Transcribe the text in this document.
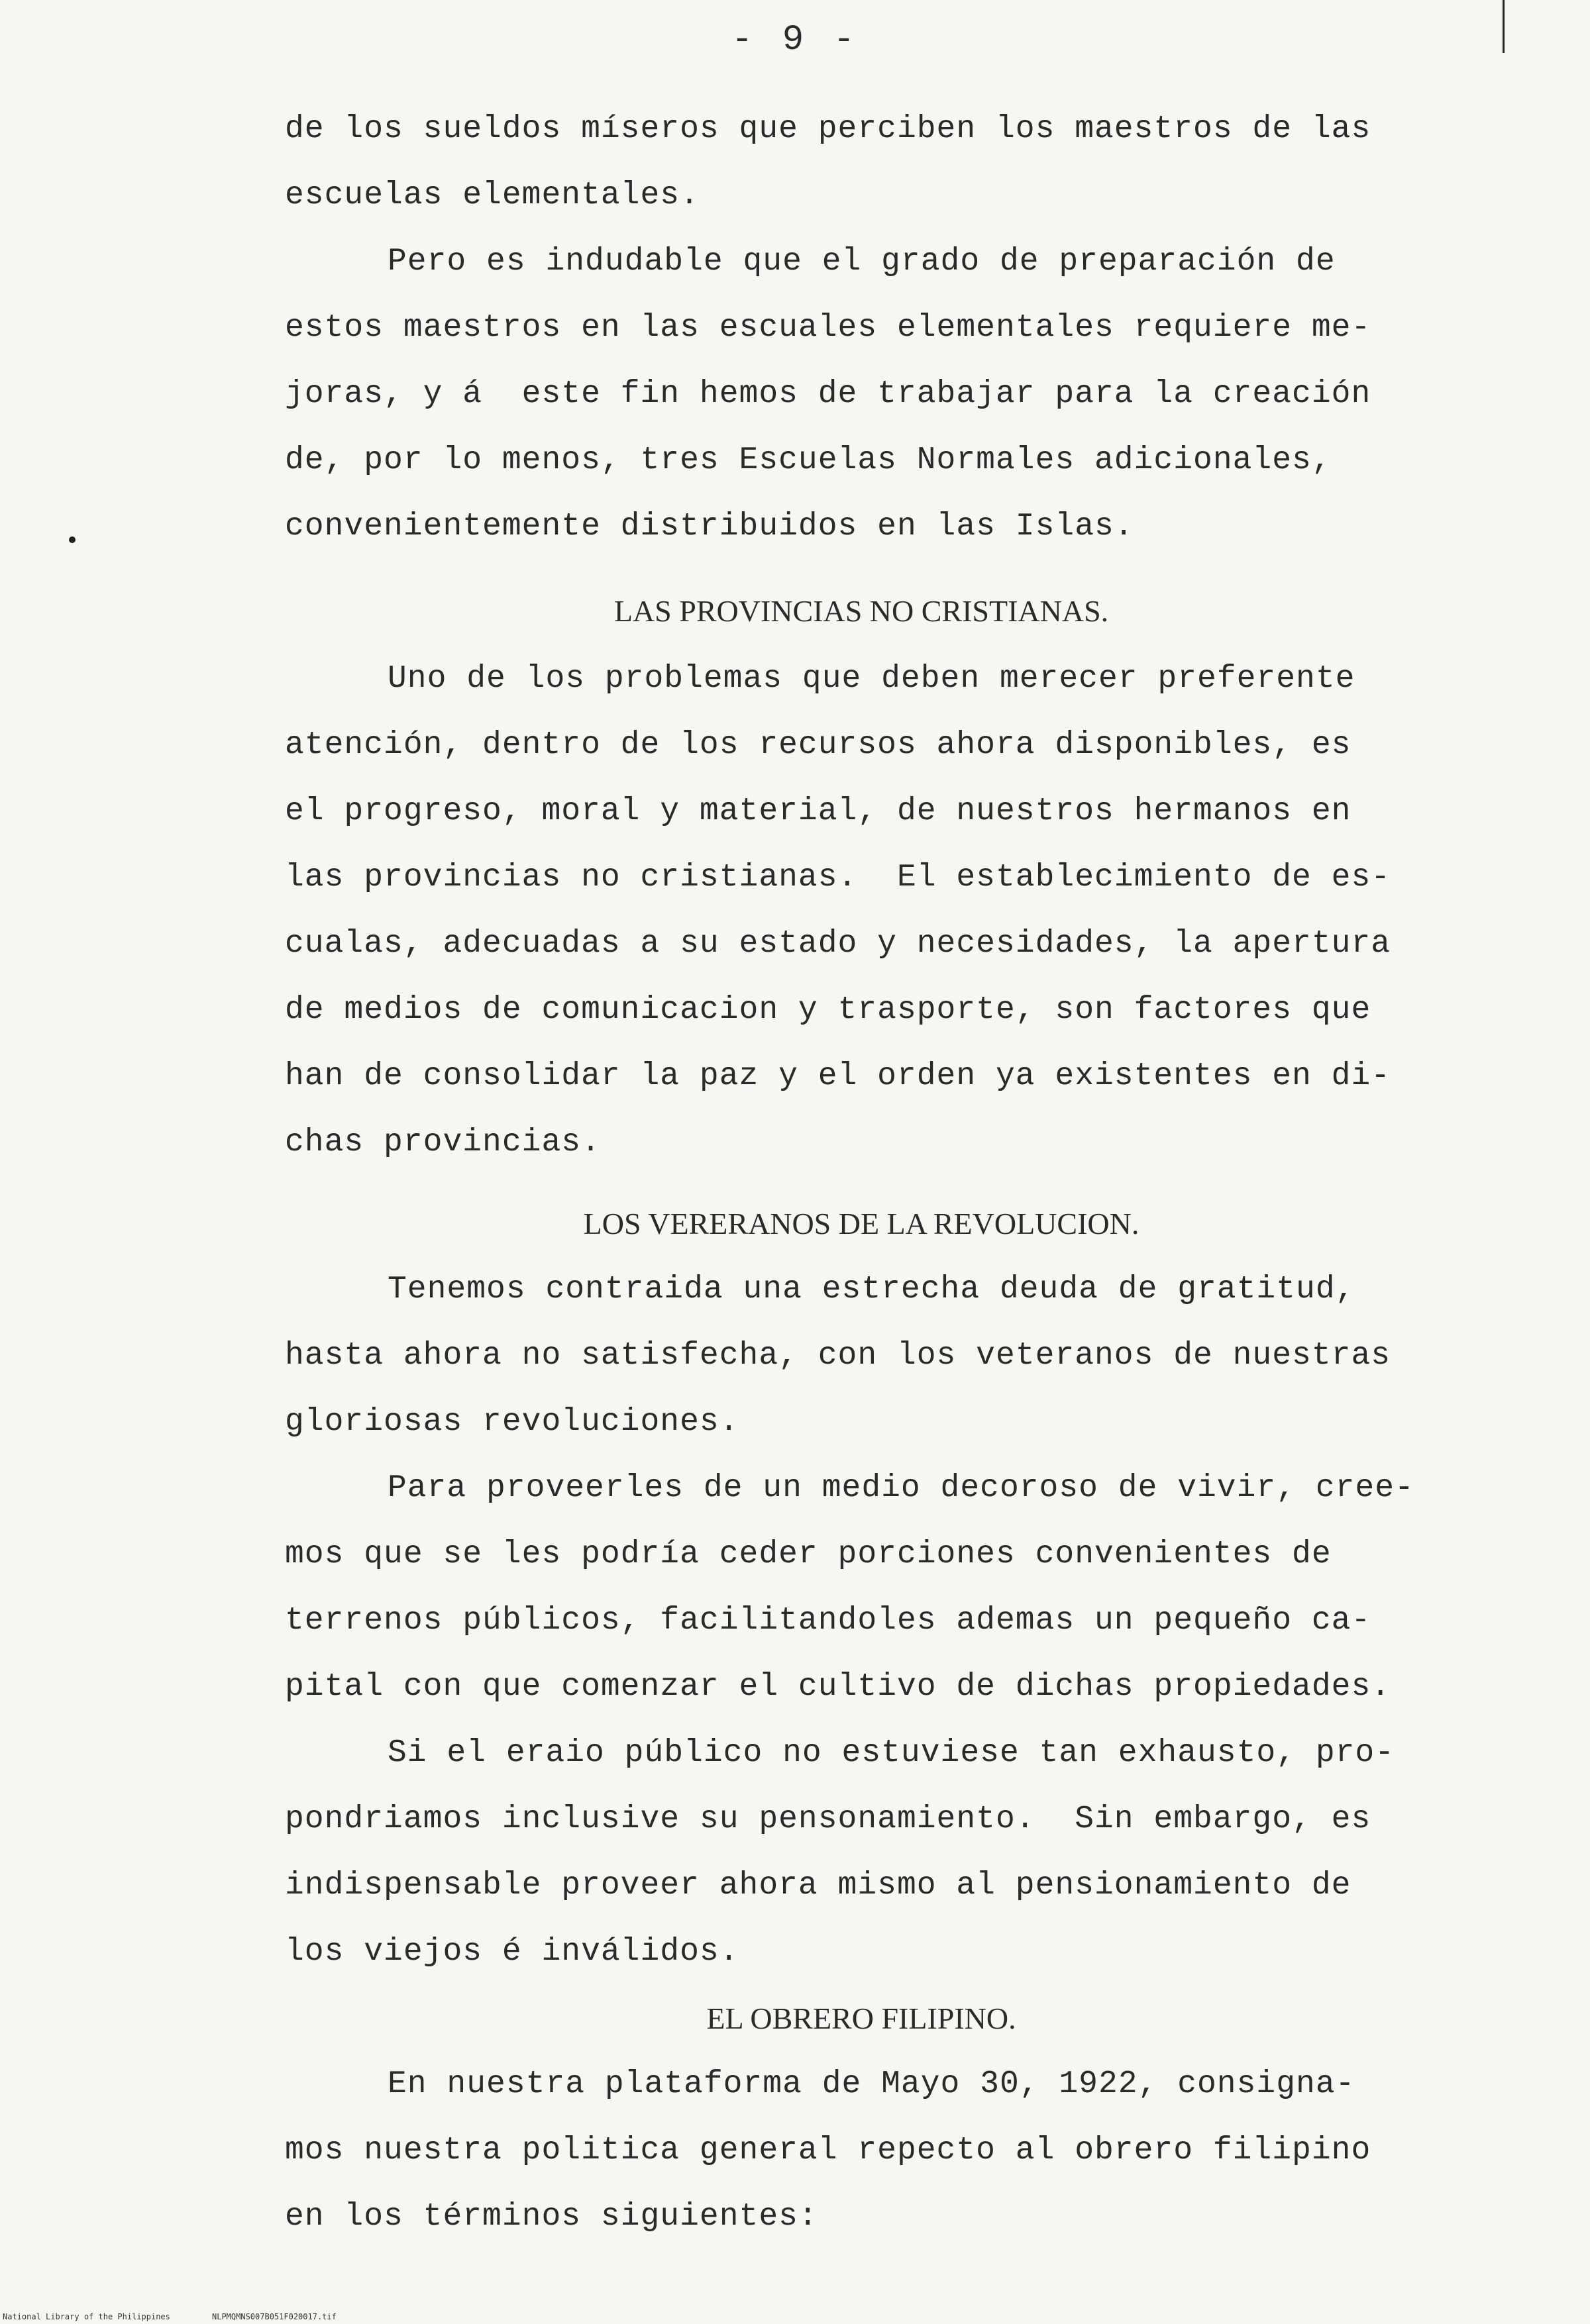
- 9 -
de los sueldos míseros que perciben los maestros de las
escuelas elementales.
Pero es indudable que el grado de preparación de
estos maestros en las escuales elementales requiere me-
joras, y á  este fin hemos de trabajar para la creación
de, por lo menos, tres Escuelas Normales adicionales,
convenientemente distribuidos en las Islas.
LAS PROVINCIAS NO CRISTIANAS.
Uno de los problemas que deben merecer preferente
atención, dentro de los recursos ahora disponibles, es
el progreso, moral y material, de nuestros hermanos en
las provincias no cristianas.  El establecimiento de es-
cualas, adecuadas a su estado y necesidades, la apertura
de medios de comunicacion y trasporte, son factores que
han de consolidar la paz y el orden ya existentes en di-
chas provincias.
LOS VERERANOS DE LA REVOLUCION.
Tenemos contraida una estrecha deuda de gratitud,
hasta ahora no satisfecha, con los veteranos de nuestras
gloriosas revoluciones.
Para proveerles de un medio decoroso de vivir, cree-
mos que se les podría ceder porciones convenientes de
terrenos públicos, facilitandoles ademas un pequeño ca-
pital con que comenzar el cultivo de dichas propiedades.
Si el eraio público no estuviese tan exhausto, pro-
pondriamos inclusive su pensonamiento.  Sin embargo, es
indispensable proveer ahora mismo al pensionamiento de
los viejos é inválidos.
EL OBRERO FILIPINO.
En nuestra plataforma de Mayo 30, 1922, consigna-
mos nuestra politica general repecto al obrero filipino
en los términos siguientes:
National Library of the Philippines	NLPMQMNS007B051F020017.tif
